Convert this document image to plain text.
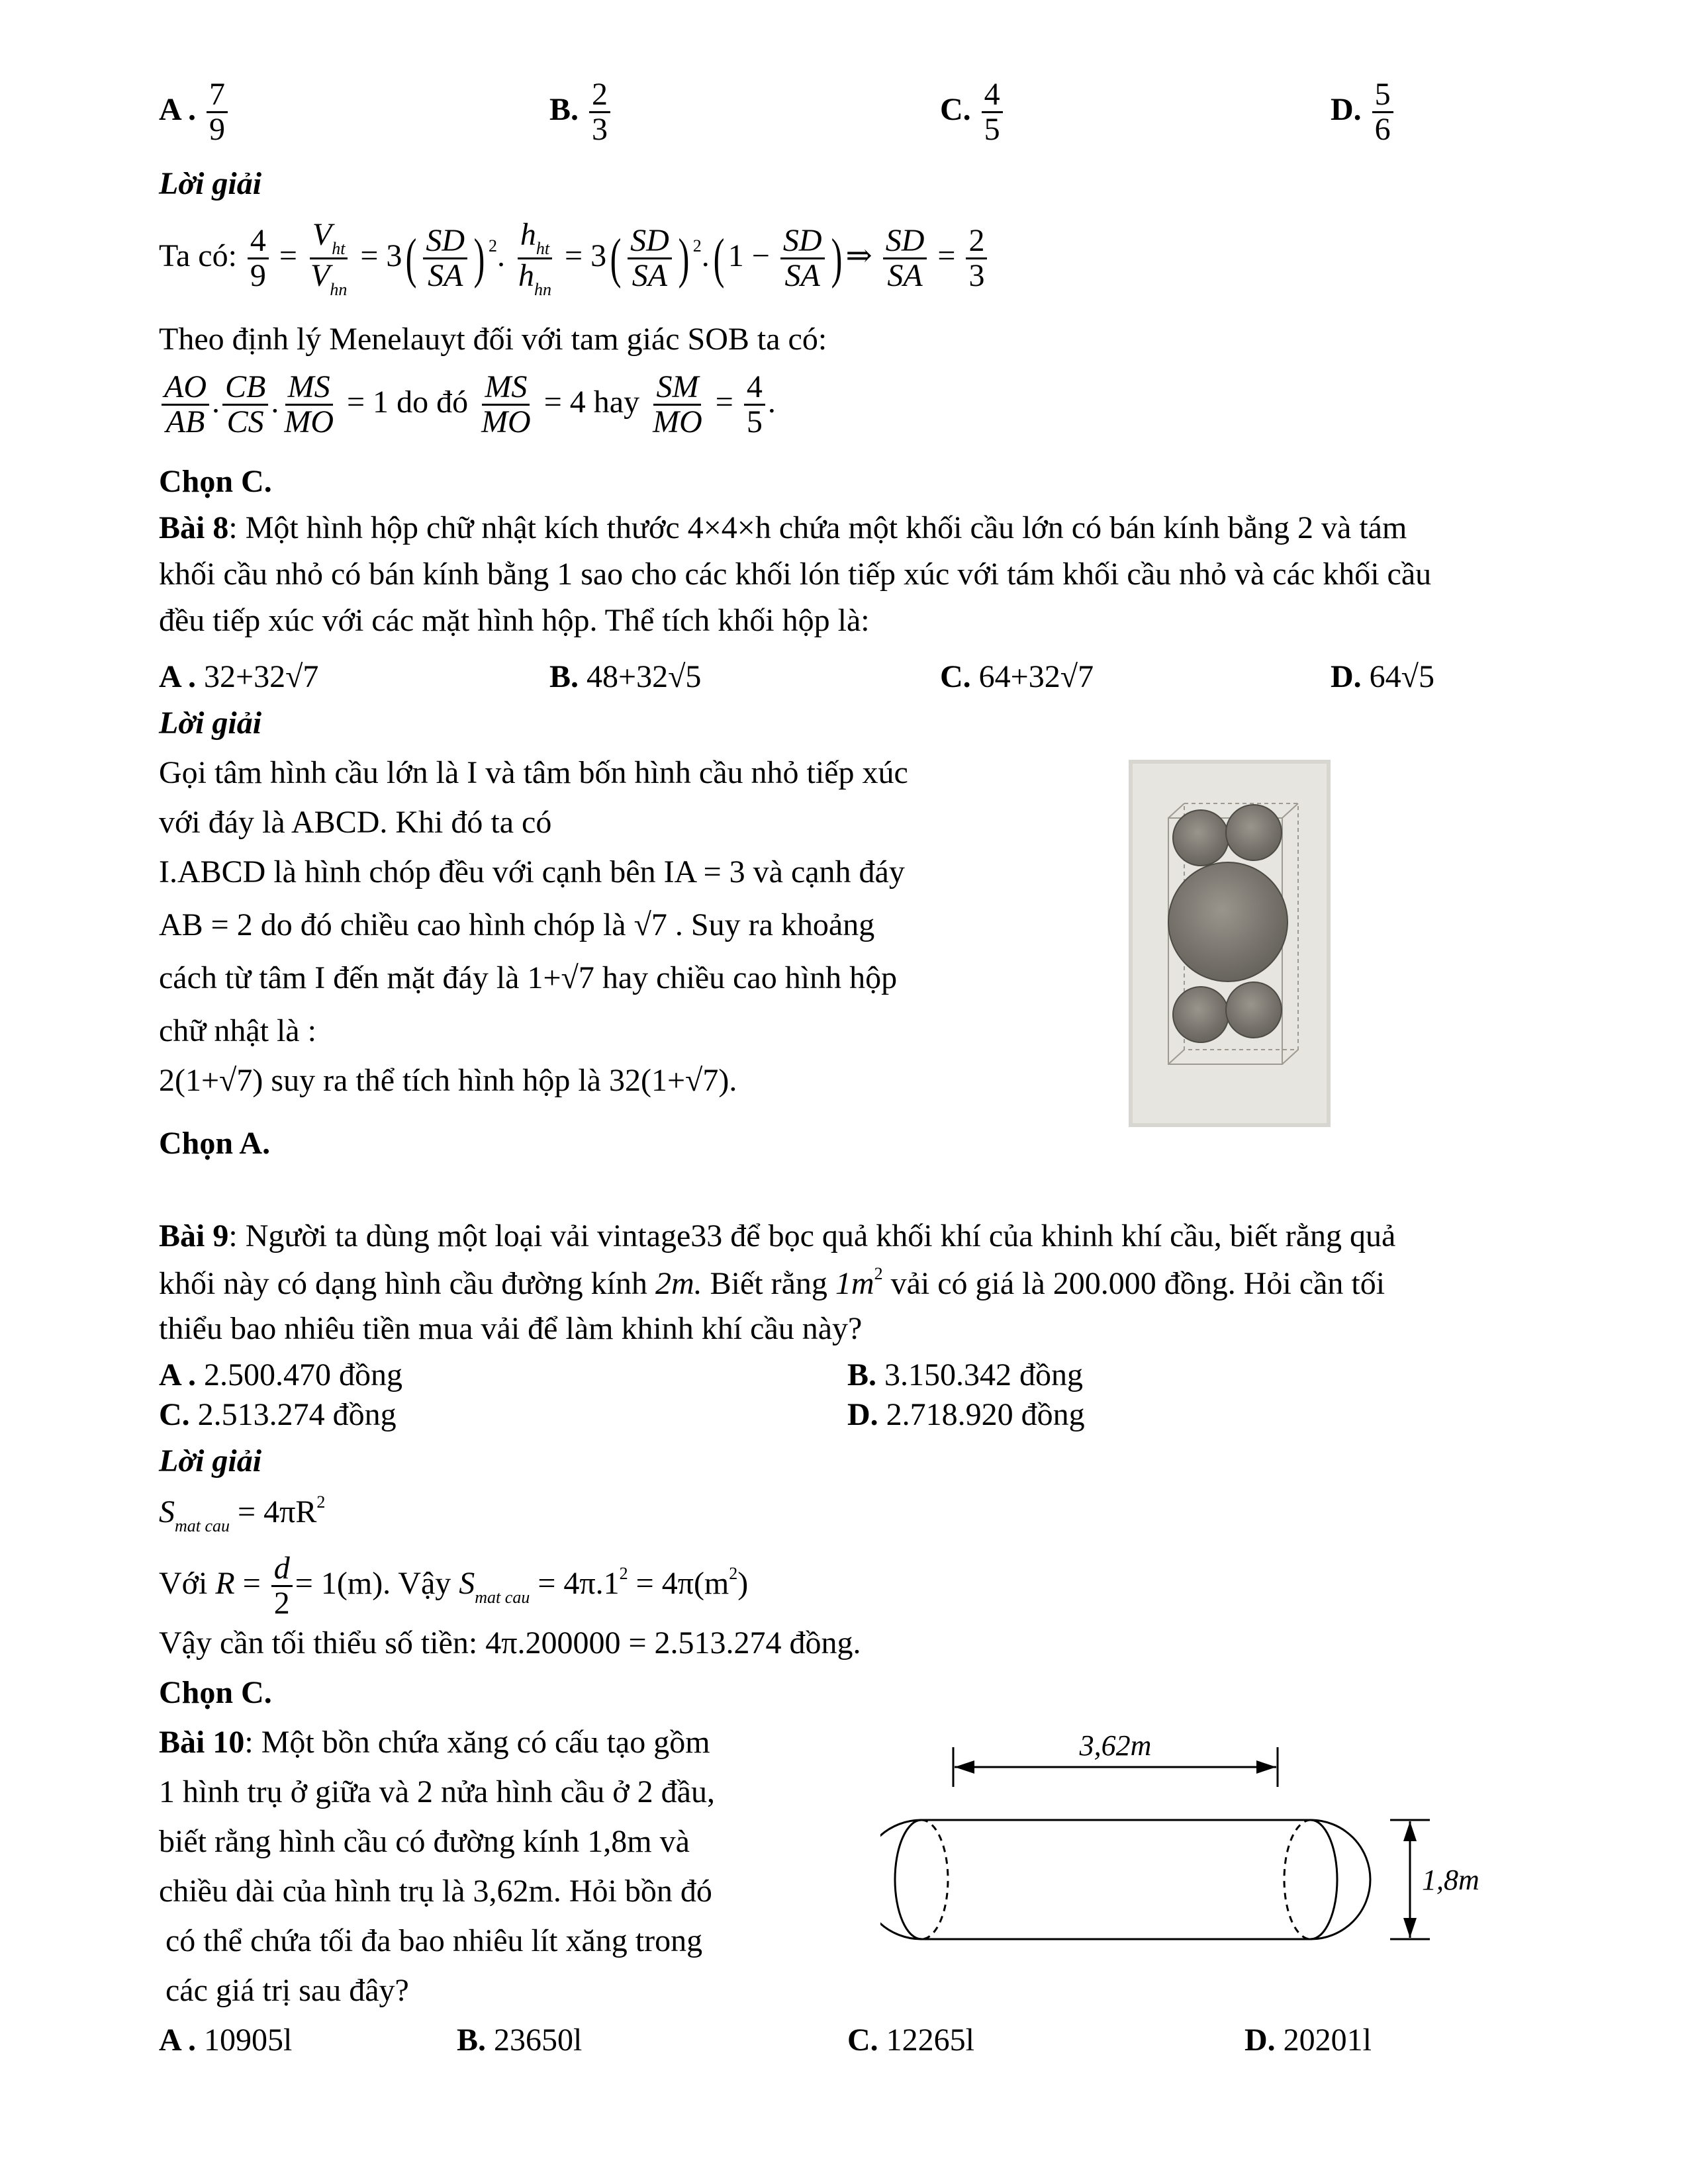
A . $\frac{7}{9}$	B. $\frac{2}{3}$	C. $\frac{4}{5}$	D. $\frac{5}{6}$
Lời giải
Ta có: $\frac{4}{9} = \frac{V_{ht}}{V_{hn}} = 3( \frac{SD}{SA}$ ) $^2$. $\frac{h_{ht}}{h_{hn}} = 3( \frac{SD}{SA}$ ) $^2$.( $1 - \frac{SD}{SA}$ ) ⇒ $\frac{SD}{SA} = \frac{2}{3}$
Theo định lý Menelauyt đối với tam giác SOB ta có:
$\frac{AO}{AB}$ . $\frac{CB}{CS}$ . $\frac{MS}{MO} = 1$ do đó $\frac{MS}{MO} = 4$ hay $\frac{SM}{MO} = \frac{4}{5}$ .
Chọn C.
Bài 8: Một hình hộp chữ nhật kích thước 4×4×h chứa một khối cầu lớn có bán kính bằng 2 và tám
khối cầu nhỏ có bán kính bằng 1 sao cho các khối lón tiếp xúc với tám khối cầu nhỏ và các khối cầu
đều tiếp xúc với các mặt hình hộp. Thể tích khối hộp là:
A . 32+32√7	B. 48+32√5	C. 64+32√7	D. 64√5
Lời giải
Gọi tâm hình cầu lớn là I và tâm bốn hình cầu nhỏ tiếp xúc
với đáy là ABCD. Khi đó ta có
I.ABCD là hình chóp đều với cạnh bên IA = 3 và cạnh đáy
AB = 2 do đó chiều cao hình chóp là √7 . Suy ra khoảng
cách từ tâm I đến mặt đáy là 1+√7 hay chiều cao hình hộp
chữ nhật là :
2(1+√7) suy ra thể tích hình hộp là 32(1+√7).
Chọn A.
Bài 9: Người ta dùng một loại vải vintage33 để bọc quả khối khí của khinh khí cầu, biết rằng quả
khối này có dạng hình cầu đường kính 2m. Biết rằng $1m^2$ vải có giá là 200.000 đồng. Hỏi cần tối
thiểu bao nhiêu tiền mua vải để làm khinh khí cầu này?
A . 2.500.470 đồng	B. 3.150.342 đồng
C. 2.513.274 đồng	D. 2.718.920 đồng
Lời giải
$S_{mat cau} = 4\pi R^2$
Với $R = \frac{d}{2} = 1(m)$. Vậy $S_{mat cau} = 4\pi.1^2 = 4\pi(m^2)$
Vậy cần tối thiểu số tiền: 4π.200000 = 2.513.274 đồng.
Chọn C.
Bài 10: Một bồn chứa xăng có cấu tạo gồm
1 hình trụ ở giữa và 2 nửa hình cầu ở 2 đầu,
biết rằng hình cầu có đường kính 1,8m và
chiều dài của hình trụ là 3,62m. Hỏi bồn đó
có thể chứa tối đa bao nhiêu lít xăng trong
các giá trị sau đây?
A . 10905l	B. 23650l	C. 12265l	D. 20201l
3,62m
1,8m
